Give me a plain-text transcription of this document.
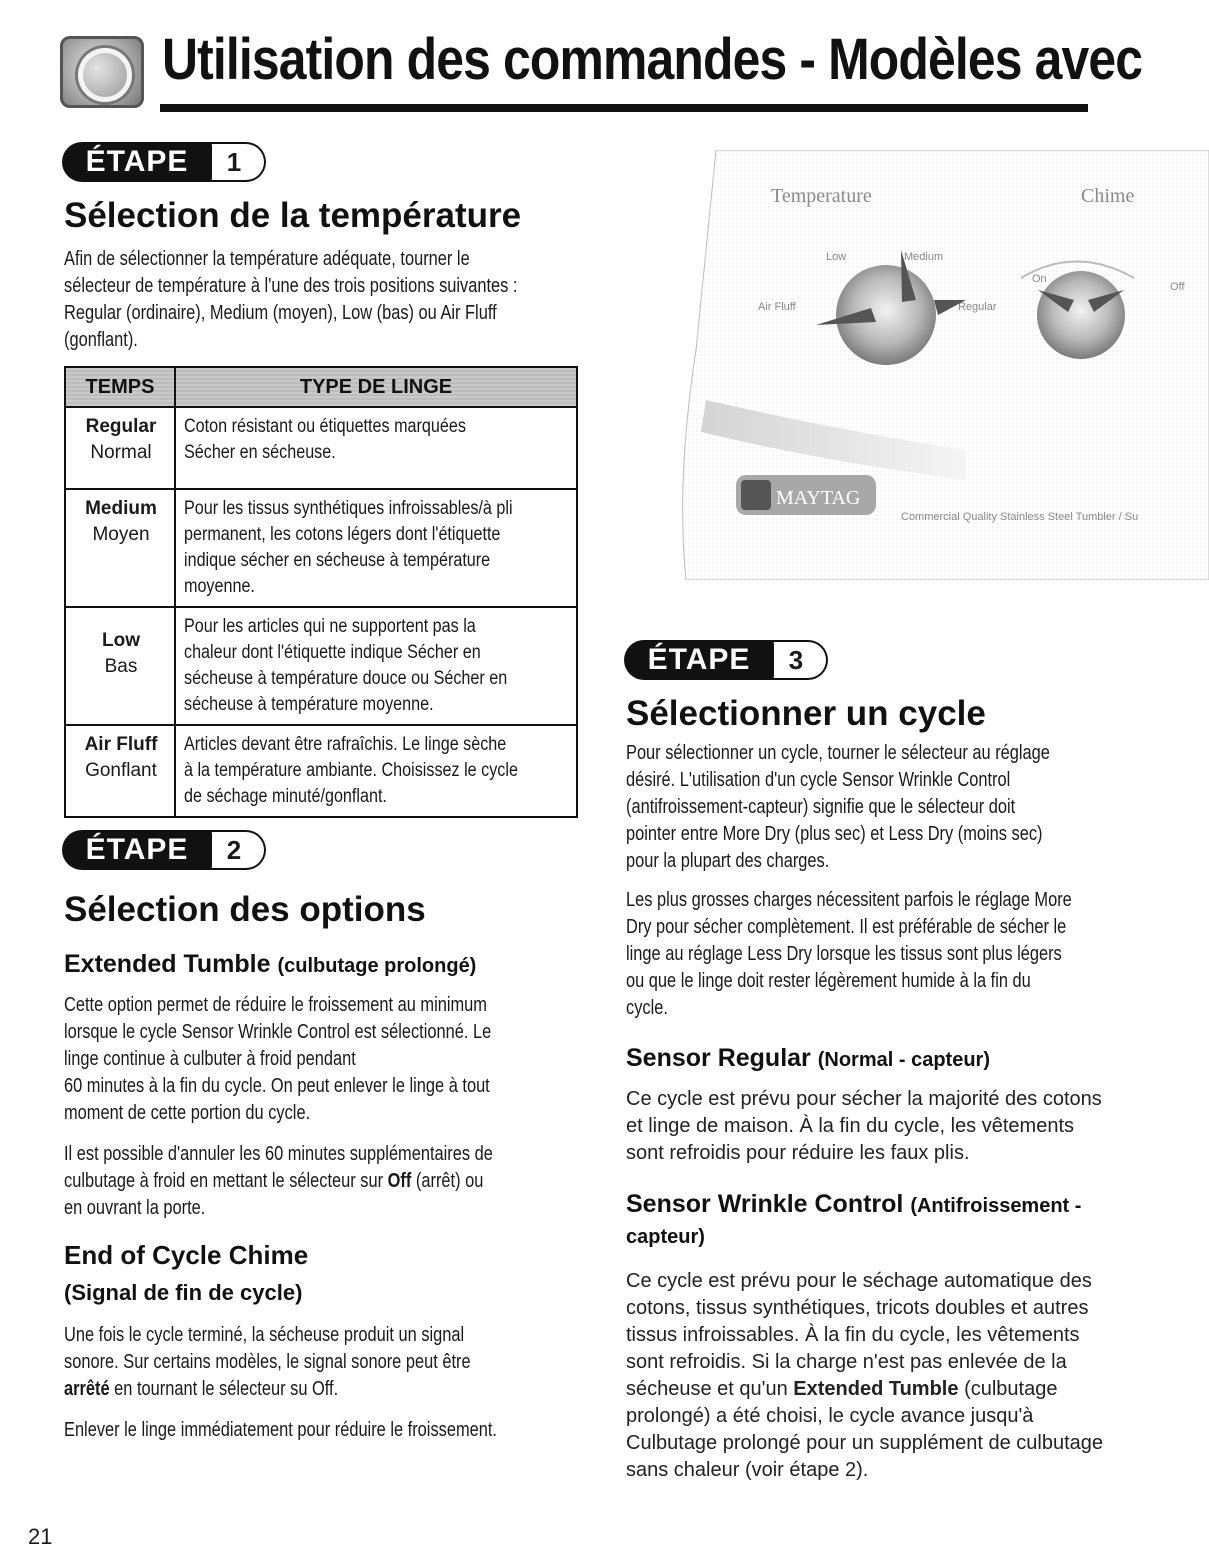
Utilisation des commandes - Modèles avec
ÉTAPE	1
Sélection de la température

Afin de sélectionner la température adéquate, tourner le

sélecteur de température à l'une des trois positions suivantes :

Regular (ordinaire), Medium (moyen), Low (bas) ou Air Fluff

(gonflant).

TEMPS	TYPE DE LINGE

Regular
Normal	Coton résistant ou étiquettes marquées
Sécher en sécheuse.

Medium
Moyen	Pour les tissus synthétiques infroissables/à pli
permanent, les cotons légers dont l'étiquette
indique sécher en sécheuse à température
moyenne.

Low
Bas	Pour les articles qui ne supportent pas la
chaleur dont l'étiquette indique Sécher en
sécheuse à température douce ou Sécher en
sécheuse à température moyenne.

Air Fluff
Gonflant	Articles devant être rafraîchis. Le linge sèche
à la température ambiante. Choisissez le cycle
de séchage minuté/gonflant.
ÉTAPE	2
Sélection des options
Extended Tumble (culbutage prolongé)

Cette option permet de réduire le froissement au minimum

lorsque le cycle Sensor Wrinkle Control est sélectionné. Le

linge continue à culbuter à froid pendant

60 minutes à la fin du cycle. On peut enlever le linge à tout

moment de cette portion du cycle.

Il est possible d'annuler les 60 minutes supplémentaires de

culbutage à froid en mettant le sélecteur sur Off (arrêt) ou

en ouvrant la porte.

End of Cycle Chime
(Signal de fin de cycle)

Une fois le cycle terminé, la sécheuse produit un signal

sonore. Sur certains modèles, le signal sonore peut être

arrêté en tournant le sélecteur su Off.

Enlever le linge immédiatement pour réduire le froissement.

Temperature	Chime
Low	Medium
Air Fluff	Regular
On
Off
MAYTAG
Commercial Quality Stainless Steel Tumbler / Su
ÉTAPE	3
Sélectionner un cycle

Pour sélectionner un cycle, tourner le sélecteur au réglage

désiré. L'utilisation d'un cycle Sensor Wrinkle Control

(antifroissement-capteur) signifie que le sélecteur doit

pointer entre More Dry (plus sec) et Less Dry (moins sec)

pour la plupart des charges.

Les plus grosses charges nécessitent parfois le réglage More

Dry pour sécher complètement. Il est préférable de sécher le

linge au réglage Less Dry lorsque les tissus sont plus légers

ou que le linge doit rester légèrement humide à la fin du

cycle.

Sensor Regular (Normal - capteur)

Ce cycle est prévu pour sécher la majorité des cotons

et linge de maison. À la fin du cycle, les vêtements

sont refroidis pour réduire les faux plis.

Sensor Wrinkle Control (Antifroissement -
capteur)

Ce cycle est prévu pour le séchage automatique des

cotons, tissus synthétiques, tricots doubles et autres

tissus infroissables. À la fin du cycle, les vêtements

sont refroidis. Si la charge n'est pas enlevée de la

sécheuse et qu'un Extended Tumble (culbutage

prolongé) a été choisi, le cycle avance jusqu'à

Culbutage prolongé pour un supplément de culbutage

sans chaleur (voir étape 2).

21
